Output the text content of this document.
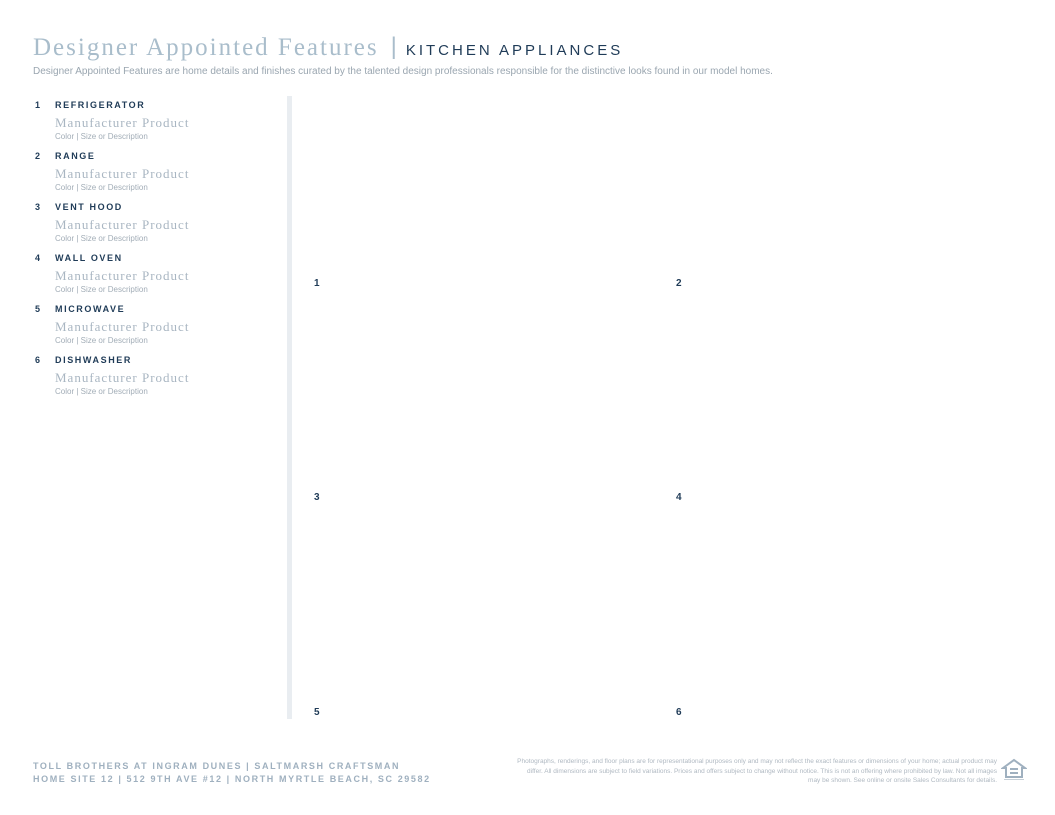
Designer Appointed Features | KITCHEN APPLIANCES
Designer Appointed Features are home details and finishes curated by the talented design professionals responsible for the distinctive looks found in our model homes.
1	REFRIGERATOR
Manufacturer Product
Color | Size or Description
2	RANGE
Manufacturer Product
Color | Size or Description
3	VENT HOOD
Manufacturer Product
Color | Size or Description
4	WALL OVEN
Manufacturer Product
Color | Size or Description
5	MICROWAVE
Manufacturer Product
Color | Size or Description
6	DISHWASHER
Manufacturer Product
Color | Size or Description
1	2
3	4
5	6
TOLL BROTHERS AT INGRAM DUNES | SALTMARSH CRAFTSMAN
HOME SITE 12 | 512 9TH AVE #12 | NORTH MYRTLE BEACH, SC 29582
Photographs, renderings, and floor plans are for representational purposes only and may not reflect the exact features or dimensions of your home; actual product may differ. All dimensions are subject to field variations. Prices and offers subject to change without notice. This is not an offering where prohibited by law. Not all images may be shown. See online or onsite Sales Consultants for details.
